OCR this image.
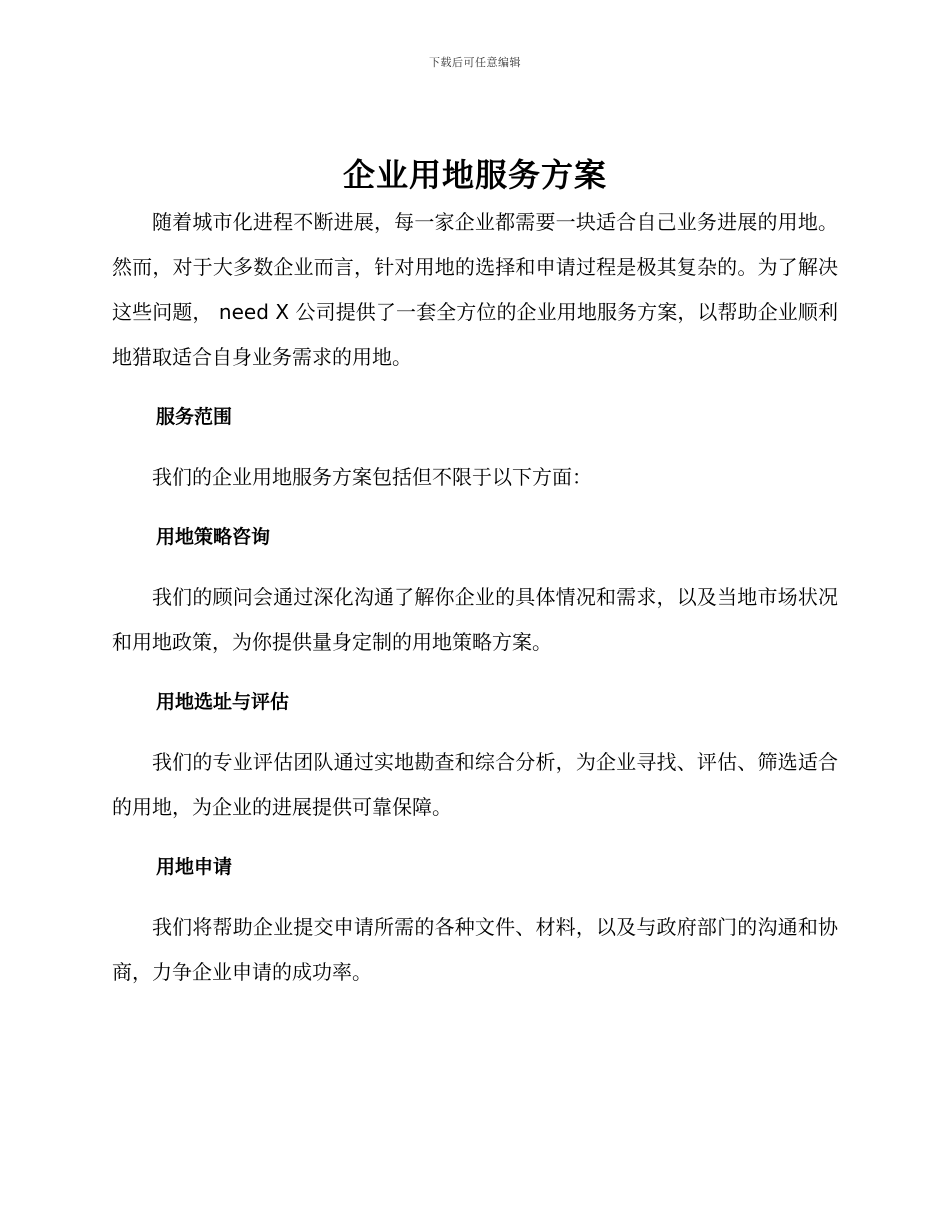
下载后可任意编辑
企业用地服务方案

随着城市化进程不断进展，每一家企业都需要一块适合自己业务进展的用地。 然而，对于大多数企业而言，针对用地的选择和申请过程是极其复杂的。为了解决这些问题， need X 公司提供了一套全方位的企业用地服务方案，以帮助企业顺利地猎取适合自身业务需求的用地。

服务范围

我们的企业用地服务方案包括但不限于以下方面：

用地策略咨询

我们的顾问会通过深化沟通了解你企业的具体情况和需求，以及当地市场状况和用地政策，为你提供量身定制的用地策略方案。

用地选址与评估

我们的专业评估团队通过实地勘查和综合分析，为企业寻找、评估、筛选适合的用地，为企业的进展提供可靠保障。

用地申请

我们将帮助企业提交申请所需的各种文件、材料，以及与政府部门的沟通和协商，力争企业申请的成功率。
